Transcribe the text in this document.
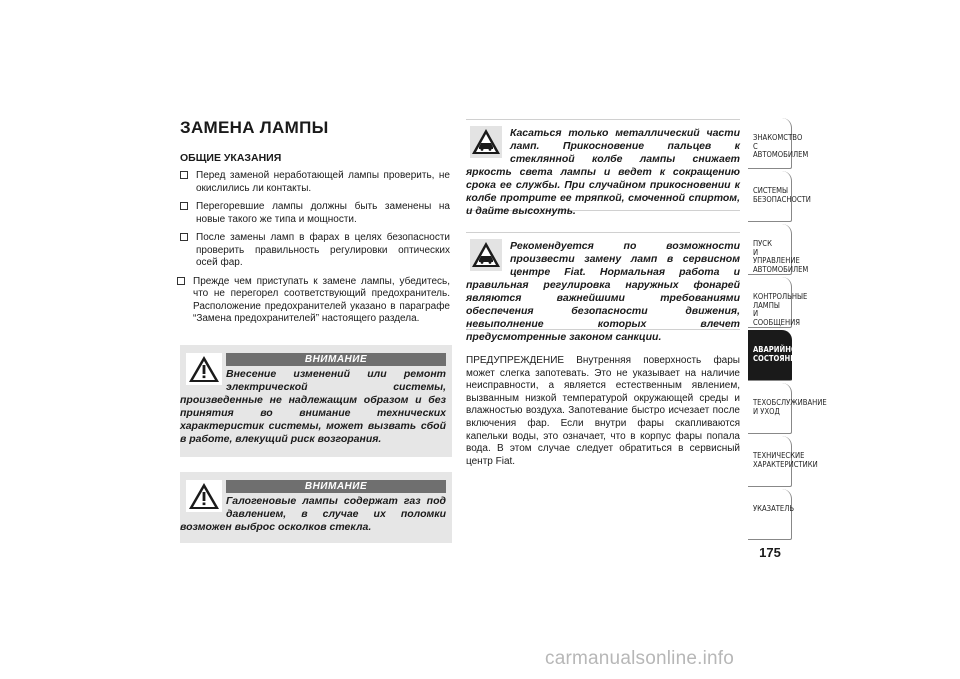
ЗАМЕНА ЛАМПЫ
ОБЩИЕ УКАЗАНИЯ
Перед заменой неработающей лампы проверить, не окислились ли контакты.
Перегоревшие лампы должны быть заменены на новые такого же типа и мощности.
После замены ламп в фарах в целях безопасности проверить правильность регулировки оптических осей фар.
Прежде чем приступать к замене лампы, убедитесь, что не перегорел соответствующий предохранитель. Расположение предохранителей указано в параграфе “Замена предохранителей” настоящего раздела.
ВНИМАНИЕ
Внесение изменений или ремонт электрической системы, произведенные не надлежащим образом и без принятия во внимание технических характеристик системы, может вызвать сбой в работе, влекущий риск возгорания.
ВНИМАНИЕ
Галогеновые лампы содержат газ под давлением, в случае их поломки возможен выброс осколков стекла.

Касаться только металлический части ламп. Прикосновение пальцев к стеклянной колбе лампы снижает яркость света лампы и ведет к сокращению срока ее службы. При случайном прикосновении к колбе протрите ее тряпкой, смоченной спиртом, и дайте высохнуть.

Рекомендуется по возможности произвести замену ламп в сервисном центре Fiat. Нормальная работа и правильная регулировка наружных фонарей являются важнейшими требованиями обеспечения безопасности движения, невыполнение которых влечет предусмотренные законом санкции.

ПРЕДУПРЕЖДЕНИЕ Внутренняя поверхность фары может слегка запотевать. Это не указывает на наличие неисправности, а является естественным явлением, вызванным низкой температурой окружающей среды и влажностью воздуха. Запотевание быстро исчезает после включения фар. Если внутри фары скапливаются капельки воды, это означает, что в корпус фары попала вода. В этом случае следует обратиться в сервисный центр Fiat.

ЗНАКОМСТВО С
АВТОМОБИЛЕМ
СИСТЕМЫ
БЕЗОПАСНОСТИ
ПУСК
И УПРАВЛЕНИЕ
АВТОМОБИЛЕМ
КОНТРОЛЬНЫЕ
ЛАМПЫ
И СООБЩЕНИЯ
АВАРИЙНОЕ
СОСТОЯНИЕ
ТЕХОБСЛУЖИВАНИЕ
И УХОД
ТЕХНИЧЕСКИЕ
ХАРАКТЕРИСТИКИ
УКАЗАТЕЛЬ

175

carmanualsonline.info
